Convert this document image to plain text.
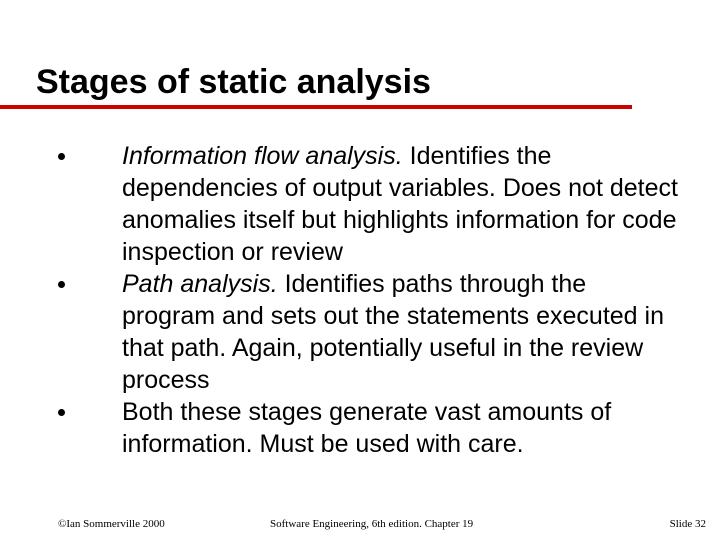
Stages of static analysis
Information flow analysis. Identifies the dependencies of output variables. Does not detect anomalies itself but highlights information for code inspection or review
Path analysis. Identifies paths through the program and sets out the statements executed in that path. Again, potentially useful in the review process
Both these stages generate vast amounts of information. Must be used with care.
©Ian Sommerville 2000	Software Engineering, 6th edition. Chapter 19	Slide 32
